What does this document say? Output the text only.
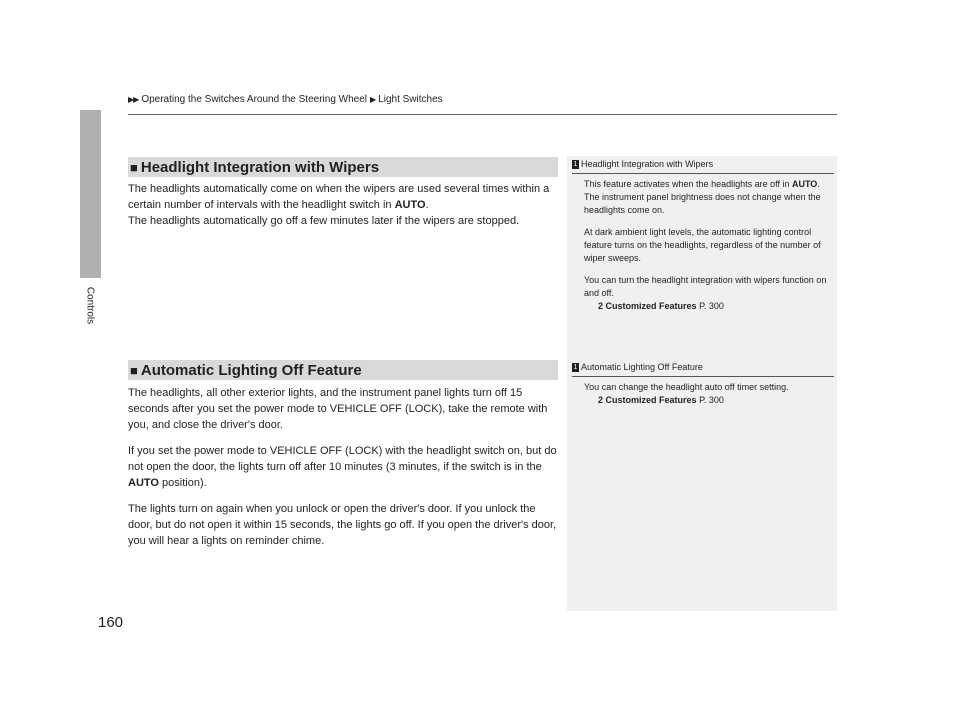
▶▶ Operating the Switches Around the Steering Wheel ▶ Light Switches
Controls
■ Headlight Integration with Wipers

The headlights automatically come on when the wipers are used several times within a certain number of intervals with the headlight switch in AUTO.

The headlights automatically go off a few minutes later if the wipers are stopped.

1 Headlight Integration with Wipers

This feature activates when the headlights are off in AUTO.

The instrument panel brightness does not change when the headlights come on.

At dark ambient light levels, the automatic lighting control feature turns on the headlights, regardless of the number of wiper sweeps.

You can turn the headlight integration with wipers function on and off.

2 Customized Features P. 300
■ Automatic Lighting Off Feature

The headlights, all other exterior lights, and the instrument panel lights turn off 15 seconds after you set the power mode to VEHICLE OFF (LOCK), take the remote with you, and close the driver's door.

If you set the power mode to VEHICLE OFF (LOCK) with the headlight switch on, but do not open the door, the lights turn off after 10 minutes (3 minutes, if the switch is in the AUTO position).

The lights turn on again when you unlock or open the driver's door. If you unlock the door, but do not open it within 15 seconds, the lights go off. If you open the driver's door, you will hear a lights on reminder chime.

1 Automatic Lighting Off Feature

You can change the headlight auto off timer setting.

2 Customized Features P. 300
160
